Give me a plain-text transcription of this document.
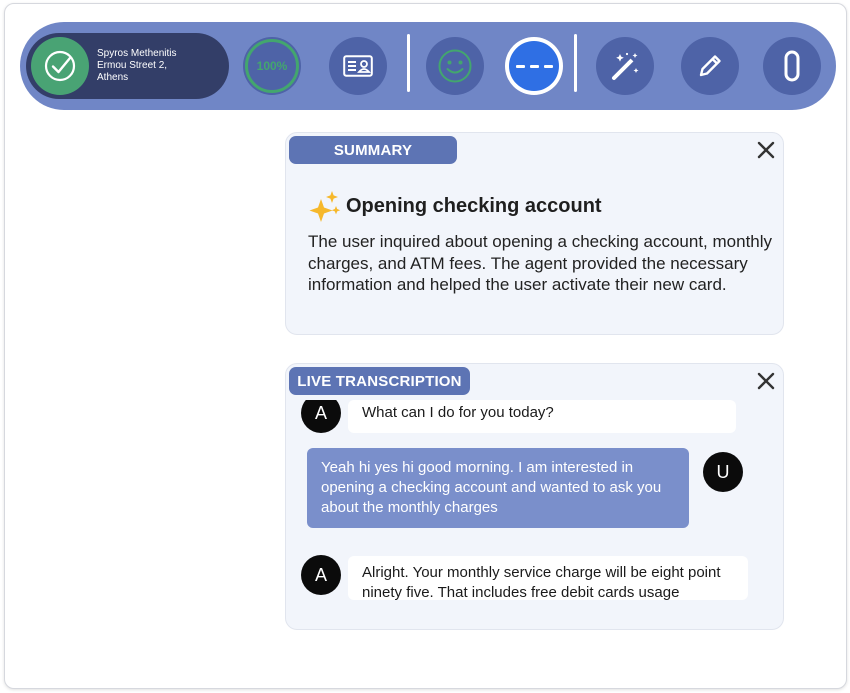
Spyros Methenitis
Ermou Street 2,
Athens
100%
SUMMARY
Opening checking account
The user inquired about opening a checking account, monthly charges, and ATM fees. The agent provided the necessary information and helped the user activate their new card.
LIVE TRANSCRIPTION
A	What can I do for you today?
Yeah hi yes hi good morning. I am interested in opening a checking account and wanted to ask you about the monthly charges
U
A	Alright. Your monthly service charge will be eight point ninety five. That includes free debit cards usage
